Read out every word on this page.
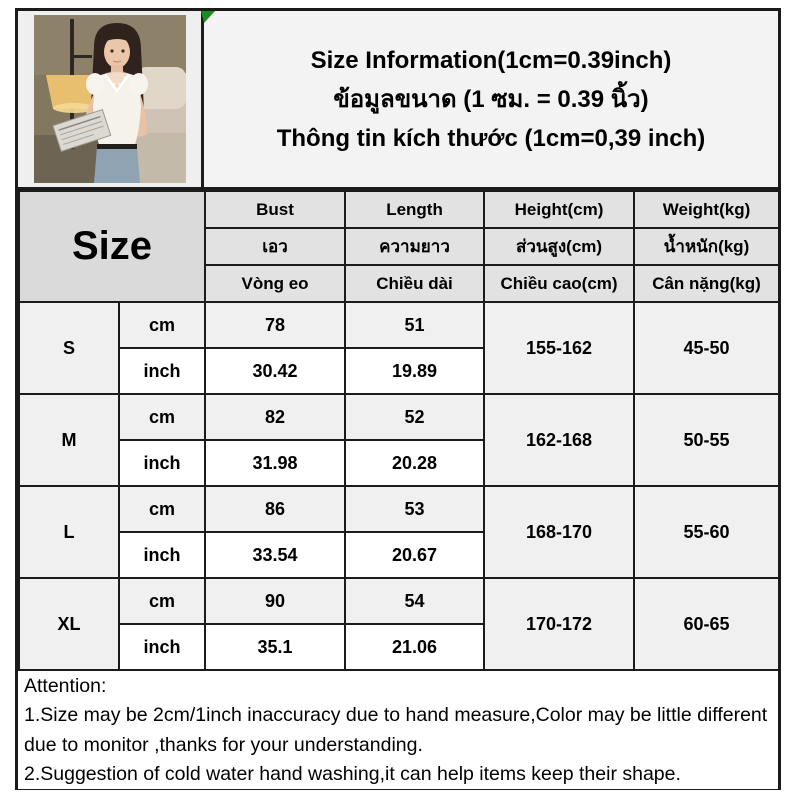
Size Information(1cm=0.39inch)
ข้อมูลขนาด (1 ซม. = 0.39 นิ้ว)
Thông tin kích thước (1cm=0,39 inch)
Size		Bust	Length	Height(cm)	Weight(kg)
		เอว	ความยาว	ส่วนสูง(cm)	น้ำหนัก(kg)
		Vòng eo	Chiều dài	Chiều cao(cm)	Cân nặng(kg)
S	cm	78	51	155-162	45-50
	inch	30.42	19.89		
M	cm	82	52	162-168	50-55
	inch	31.98	20.28		
L	cm	86	53	168-170	55-60
	inch	33.54	20.67		
XL	cm	90	54	170-172	60-65
	inch	35.1	21.06		
Attention:
1.Size may be 2cm/1inch inaccuracy due to hand measure,Color may be little different due to monitor ,thanks for your understanding.
2.Suggestion of cold water hand washing,it can help items keep their shape.
